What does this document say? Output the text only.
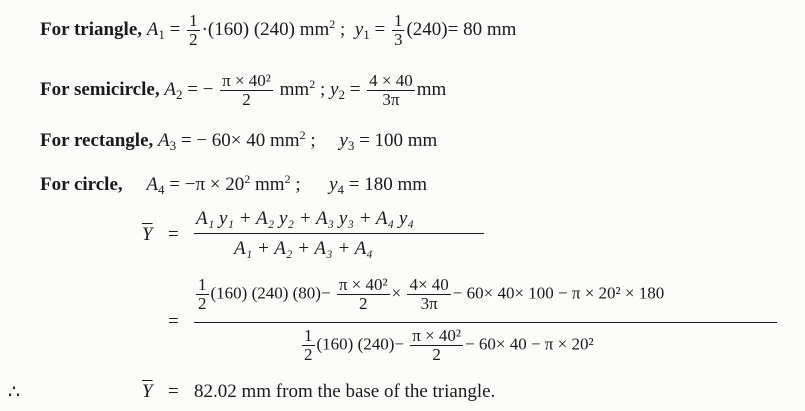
For triangle, $A_1 = \frac{1}{2} \cdot(160)$ (240) $mm^2$ ; $y_1 = \frac{1}{3} (240)= 80$ mm
For semicircle, $A_2$ = − $\frac{\text{π × 40²}}{2} mm^2$ ; $y_2 = \frac{4 \times 40}{3\pi}$ mm
For rectangle, $A_3$ = − 60× 40 $mm^2$ ; $y_3 = 100$ mm
For circle, $A_4 = -\pi \times 20^2$ $mm^2$ ; $y_4 = 180$ mm
$\overline{Y}$ =
A₁ y₁ + A₂ y₂ + A₃ y₃ + A₄ y₄
A₁ + A₂ + A₃ + A₄
$\frac{1}{2} (160)$ (240) $(80)- \frac{\text{π × 40²}}{2} \times \frac{4\times 40}{3\pi} - 60\times 40\times 100 - \pi \times 20^2 \times 180$
=
$\frac{1}{2} (160)$ $(240)- \frac{\text{π × 40²}}{2} - 60\times 40 - \pi \times 20^2$
∴	$\overline{Y} = 82.02$ mm from the base of the triangle.
